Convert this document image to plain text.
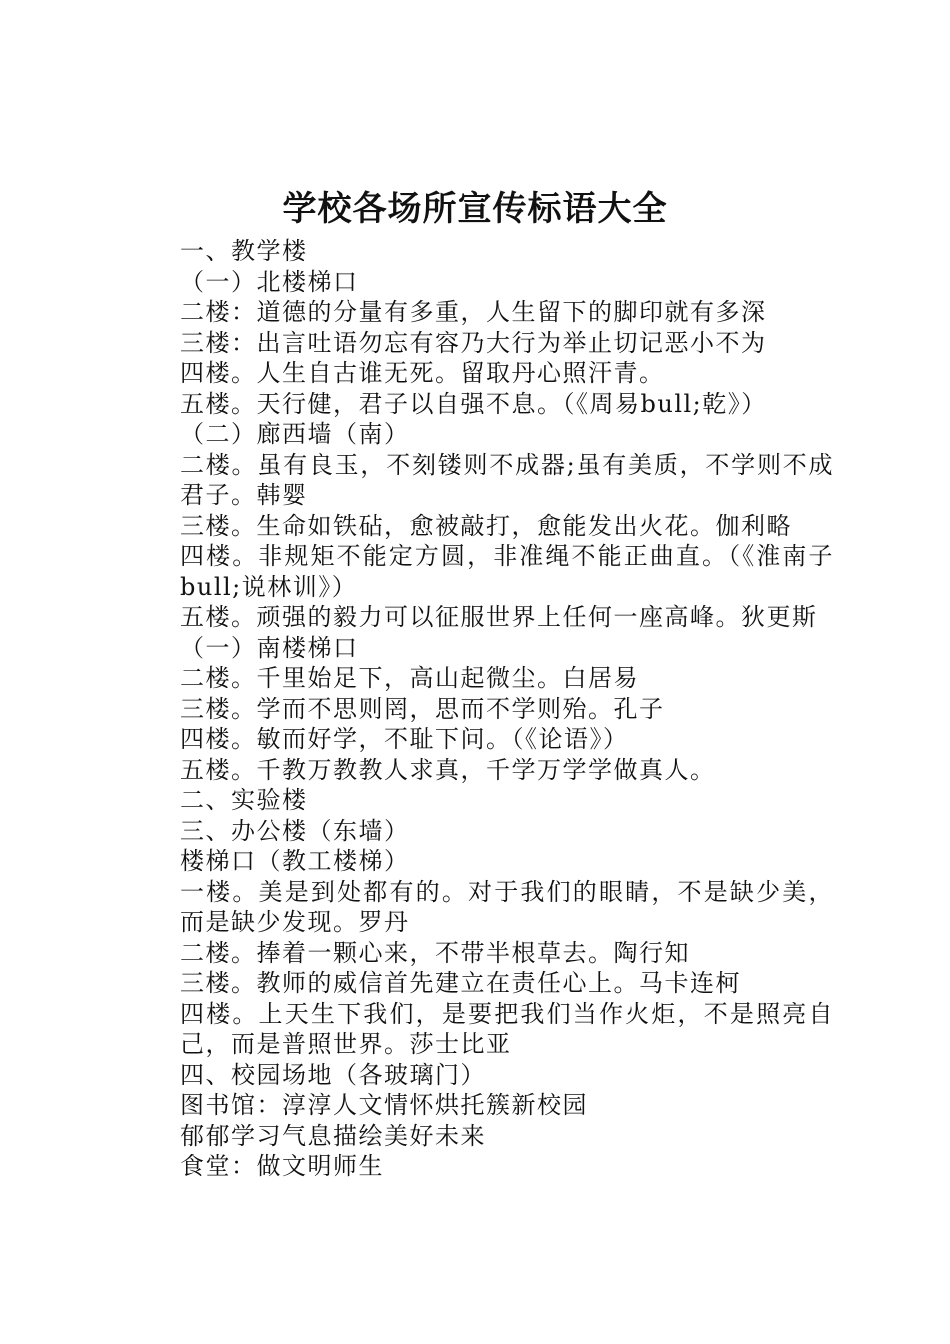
学校各场所宣传标语大全

一、教学楼

（一）北楼梯口

二楼：道德的分量有多重，人生留下的脚印就有多深

三楼：出言吐语勿忘有容乃大行为举止切记恶小不为

四楼。人生自古谁无死。留取丹心照汗青。

五楼。天行健，君子以自强不息。（《周易bull;乾》）

（二）廊西墙（南）

二楼。虽有良玉，不刻镂则不成器;虽有美质，不学则不成君子。韩婴

三楼。生命如铁砧，愈被敲打，愈能发出火花。伽利略

四楼。非规矩不能定方圆，非准绳不能正曲直。（《淮南子bull;说林训》）

五楼。顽强的毅力可以征服世界上任何一座高峰。狄更斯

（一）南楼梯口

二楼。千里始足下，高山起微尘。白居易

三楼。学而不思则罔，思而不学则殆。孔子

四楼。敏而好学，不耻下问。（《论语》）

五楼。千教万教教人求真，千学万学学做真人。

二、实验楼

三、办公楼（东墙）

楼梯口（教工楼梯）

一楼。美是到处都有的。对于我们的眼睛，不是缺少美，而是缺少发现。罗丹

二楼。捧着一颗心来，不带半根草去。陶行知

三楼。教师的威信首先建立在责任心上。马卡连柯

四楼。上天生下我们，是要把我们当作火炬，不是照亮自己，而是普照世界。莎士比亚

四、校园场地（各玻璃门）

图书馆：淳淳人文情怀烘托簇新校园

郁郁学习气息描绘美好未来

食堂：做文明师生
